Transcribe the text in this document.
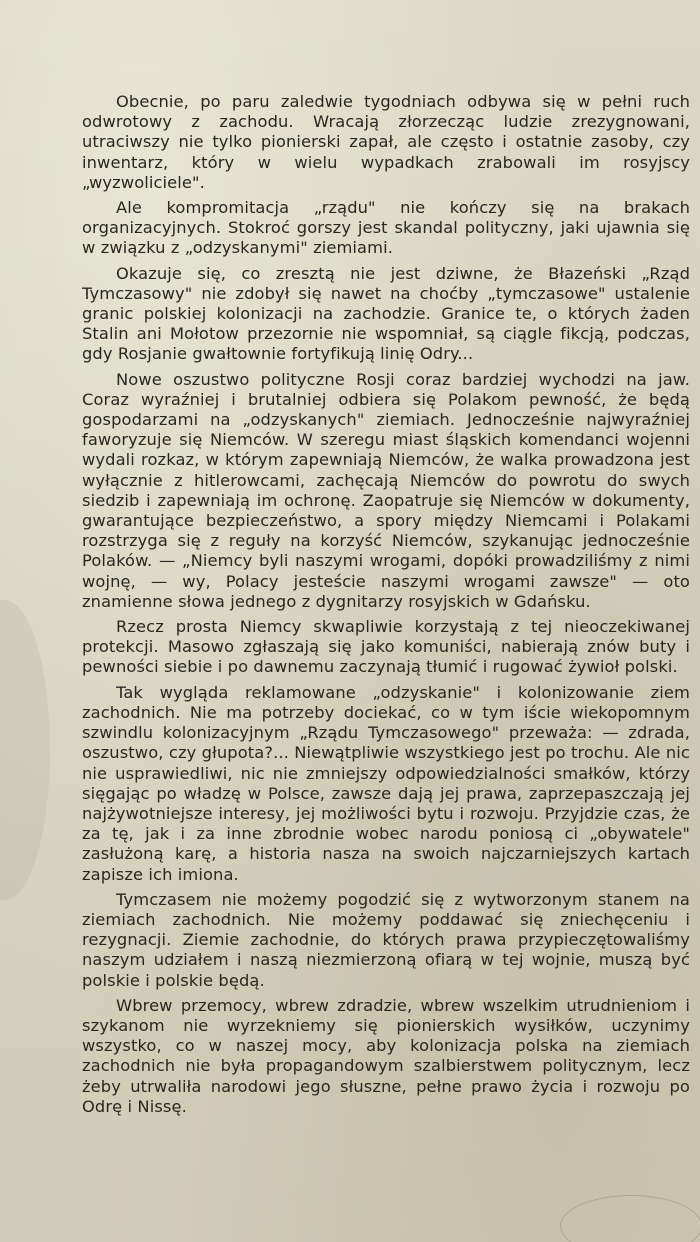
Obecnie, po paru zaledwie tygodniach odbywa się w pełni ruch odwrotowy z zachodu. Wracają złorzecząc ludzie zrezygnowani, utraciwszy nie tylko pionierski zapał, ale często i ostatnie zasoby, czy inwentarz, który w wielu wypadkach zrabowali im rosyjscy „wyzwoliciele".

Ale kompromitacja „rządu" nie kończy się na brakach organizacyjnych. Stokroć gorszy jest skandal polityczny, jaki ujawnia się w związku z „odzyskanymi" ziemiami.

Okazuje się, co zresztą nie jest dziwne, że Błazeński „Rząd Tymczasowy" nie zdobył się nawet na choćby „tymczasowe" ustalenie granic polskiej kolonizacji na zachodzie. Granice te, o których żaden Stalin ani Mołotow przezornie nie wspomniał, są ciągle fikcją, podczas, gdy Rosjanie gwałtownie fortyfikują linię Odry...

Nowe oszustwo polityczne Rosji coraz bardziej wychodzi na jaw. Coraz wyraźniej i brutalniej odbiera się Polakom pewność, że będą gospodarzami na „odzyskanych" ziemiach. Jednocześnie najwyraźniej faworyzuje się Niemców. W szeregu miast śląskich komendanci wojenni wydali rozkaz, w którym zapewniają Niemców, że walka prowadzona jest wyłącznie z hitlerowcami, zachęcają Niemców do powrotu do swych siedzib i zapewniają im ochronę. Zaopatruje się Niemców w dokumenty, gwarantujące bezpieczeństwo, a spory między Niemcami i Polakami rozstrzyga się z reguły na korzyść Niemców, szykanując jednocześnie Polaków. — „Niemcy byli naszymi wrogami, dopóki prowadziliśmy z nimi wojnę, — wy, Polacy jesteście naszymi wrogami zawsze" — oto znamienne słowa jednego z dygnitarzy rosyjskich w Gdańsku.

Rzecz prosta Niemcy skwapliwie korzystają z tej nieoczekiwanej protekcji. Masowo zgłaszają się jako komuniści, nabierają znów buty i pewności siebie i po dawnemu zaczynają tłumić i rugować żywioł polski.

Tak wygląda reklamowane „odzyskanie" i kolonizowanie ziem zachodnich. Nie ma potrzeby dociekać, co w tym iście wiekopomnym szwindlu kolonizacyjnym „Rządu Tymczasowego" przeważa: — zdrada, oszustwo, czy głupota?... Niewątpliwie wszystkiego jest po trochu. Ale nic nie usprawiedliwi, nic nie zmniejszy odpowiedzialności smałków, którzy sięgając po władzę w Polsce, zawsze dają jej prawa, zaprzepaszczają jej najżywotniejsze interesy, jej możliwości bytu i rozwoju. Przyjdzie czas, że za tę, jak i za inne zbrodnie wobec narodu poniosą ci „obywatele" zasłużoną karę, a historia nasza na swoich najczarniejszych kartach zapisze ich imiona.

Tymczasem nie możemy pogodzić się z wytworzonym stanem na ziemiach zachodnich. Nie możemy poddawać się zniechęceniu i rezygnacji. Ziemie zachodnie, do których prawa przypieczętowaliśmy naszym udziałem i naszą niezmierzoną ofiarą w tej wojnie, muszą być polskie i polskie będą.

Wbrew przemocy, wbrew zdradzie, wbrew wszelkim utrudnieniom i szykanom nie wyrzekniemy się pionierskich wysiłków, uczynimy wszystko, co w naszej mocy, aby kolonizacja polska na ziemiach zachodnich nie była propagandowym szalbierstwem politycznym, lecz żeby utrwaliła narodowi jego słuszne, pełne prawo życia i rozwoju po Odrę i Nissę.
